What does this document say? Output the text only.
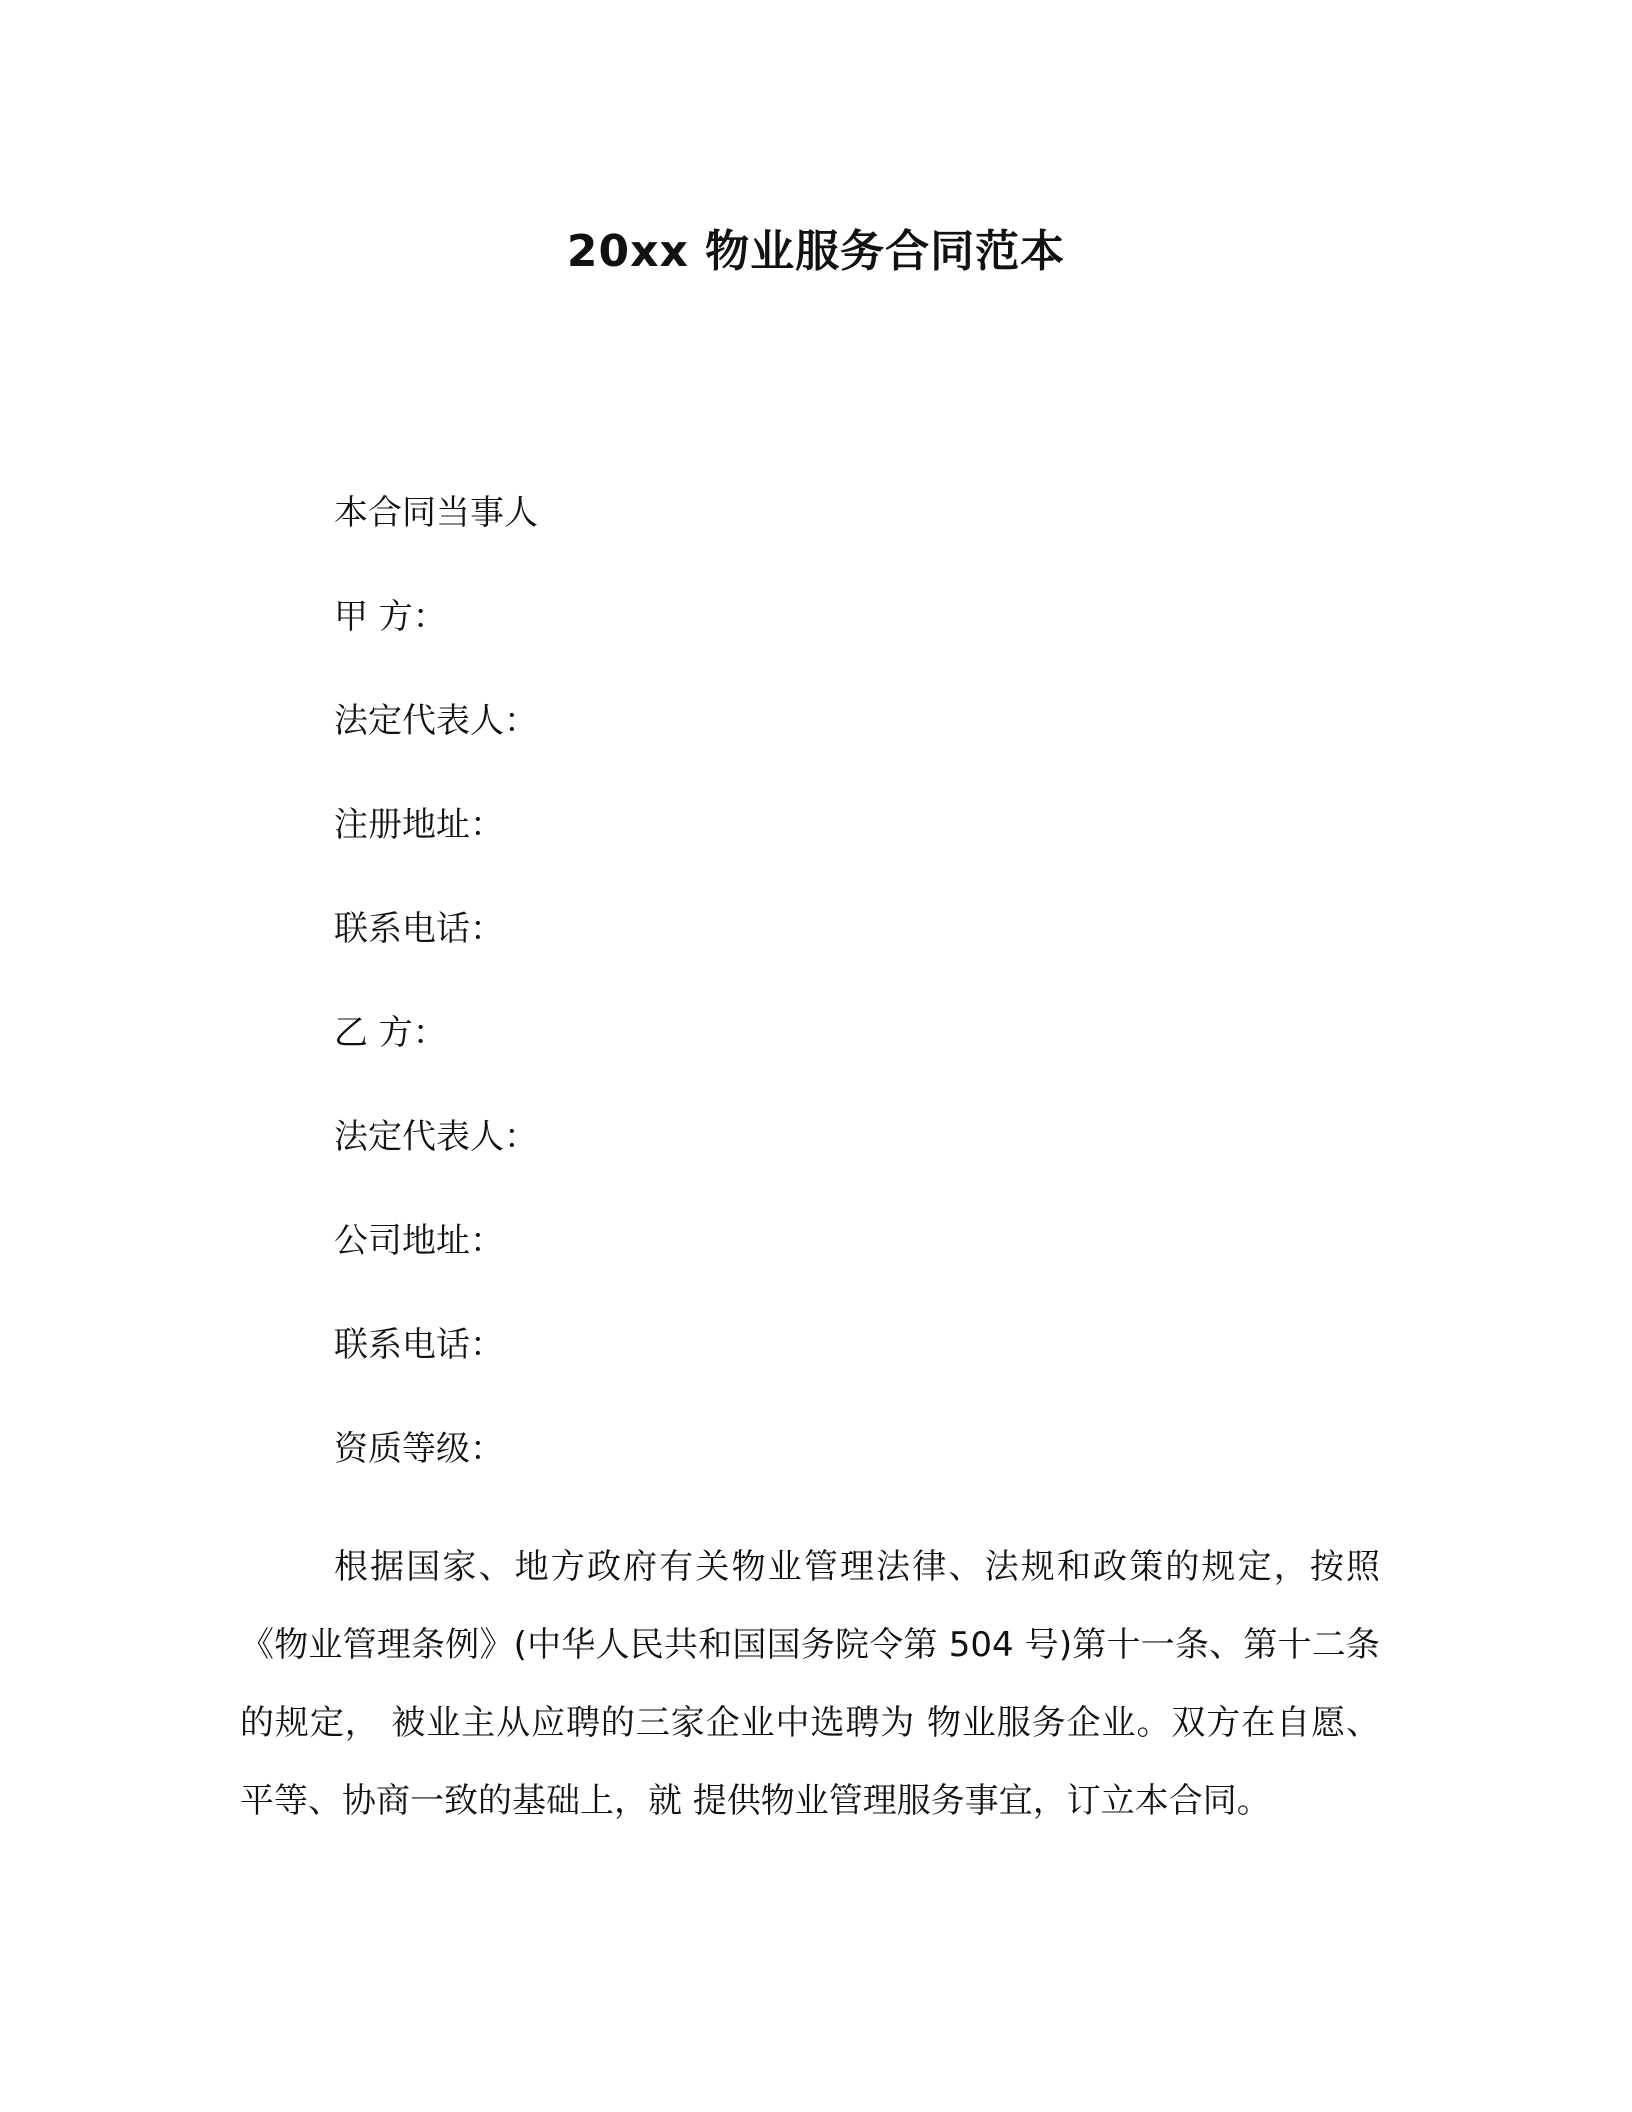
20xx 物业服务合同范本
本合同当事人
甲 方：
法定代表人：
注册地址：
联系电话：
乙 方：
法定代表人：
公司地址：
联系电话：
资质等级：

根据国家、地方政府有关物业管理法律、法规和政策的规定，按照《物业管理条例》(中华人民共和国国务院令第 504 号)第十一条、第十二条的规定， 被业主从应聘的三家企业中选聘为 物业服务企业。双方在自愿、平等、协商一致的基础上，就 提供物业管理服务事宜，订立本合同。
